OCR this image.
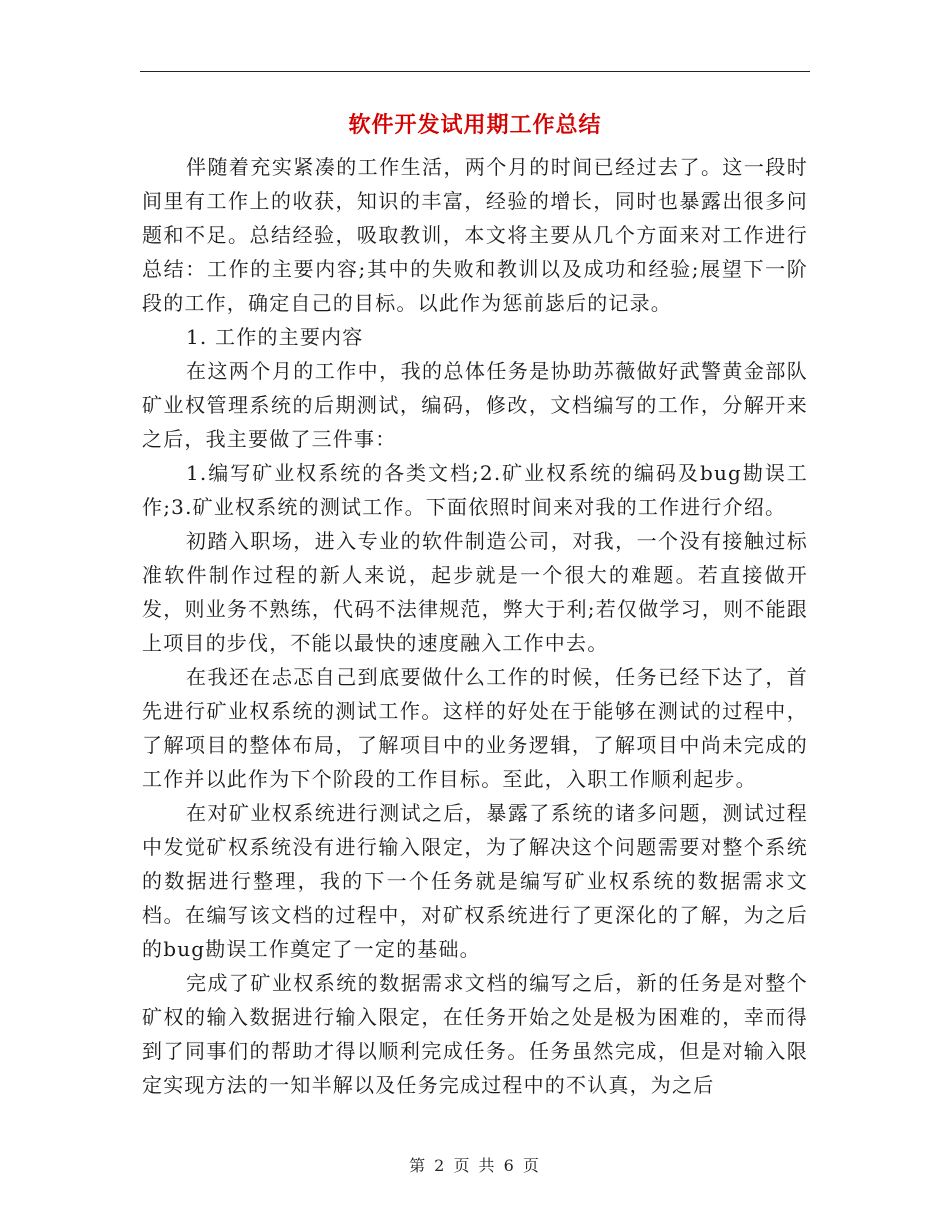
软件开发试用期工作总结

伴随着充实紧凑的工作生活，两个月的时间已经过去了。这一段时间里有工作上的收获，知识的丰富，经验的增长，同时也暴露出很多问题和不足。总结经验，吸取教训，本文将主要从几个方面来对工作进行总结：工作的主要内容;其中的失败和教训以及成功和经验;展望下一阶段的工作，确定自己的目标。以此作为惩前毖后的记录。

1. 工作的主要内容

在这两个月的工作中，我的总体任务是协助苏薇做好武警黄金部队矿业权管理系统的后期测试，编码，修改，文档编写的工作，分解开来之后，我主要做了三件事：

1.编写矿业权系统的各类文档;2.矿业权系统的编码及bug勘误工作;3.矿业权系统的测试工作。下面依照时间来对我的工作进行介绍。

初踏入职场，进入专业的软件制造公司，对我，一个没有接触过标准软件制作过程的新人来说，起步就是一个很大的难题。若直接做开发，则业务不熟练，代码不法律规范，弊大于利;若仅做学习，则不能跟上项目的步伐，不能以最快的速度融入工作中去。

在我还在忐忑自己到底要做什么工作的时候，任务已经下达了，首先进行矿业权系统的测试工作。这样的好处在于能够在测试的过程中，了解项目的整体布局，了解项目中的业务逻辑，了解项目中尚未完成的工作并以此作为下个阶段的工作目标。至此，入职工作顺利起步。

在对矿业权系统进行测试之后，暴露了系统的诸多问题，测试过程中发觉矿权系统没有进行输入限定，为了解决这个问题需要对整个系统的数据进行整理，我的下一个任务就是编写矿业权系统的数据需求文档。在编写该文档的过程中，对矿权系统进行了更深化的了解，为之后的bug勘误工作奠定了一定的基础。

完成了矿业权系统的数据需求文档的编写之后，新的任务是对整个矿权的输入数据进行输入限定，在任务开始之处是极为困难的，幸而得到了同事们的帮助才得以顺利完成任务。任务虽然完成，但是对输入限定实现方法的一知半解以及任务完成过程中的不认真，为之后

第 2 页 共 6 页
